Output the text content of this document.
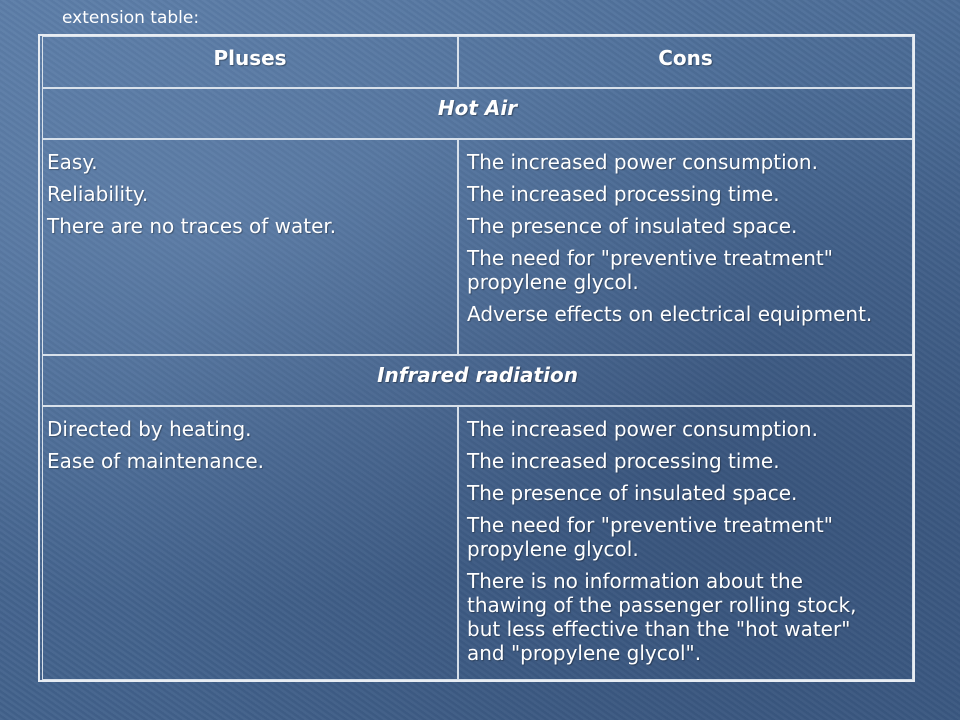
extension table:
Pluses	Cons
Hot Air
Easy.
Reliability.
There are no traces of water.
The increased power consumption.
The increased processing time.
The presence of insulated space.
The need for "preventive treatment" propylene glycol.
Adverse effects on electrical equipment.
Infrared radiation
Directed by heating.
Ease of maintenance.
The increased power consumption.
The increased processing time.
The presence of insulated space.
The need for "preventive treatment" propylene glycol.
There is no information about the thawing of the passenger rolling stock, but less effective than the "hot water" and "propylene glycol".
